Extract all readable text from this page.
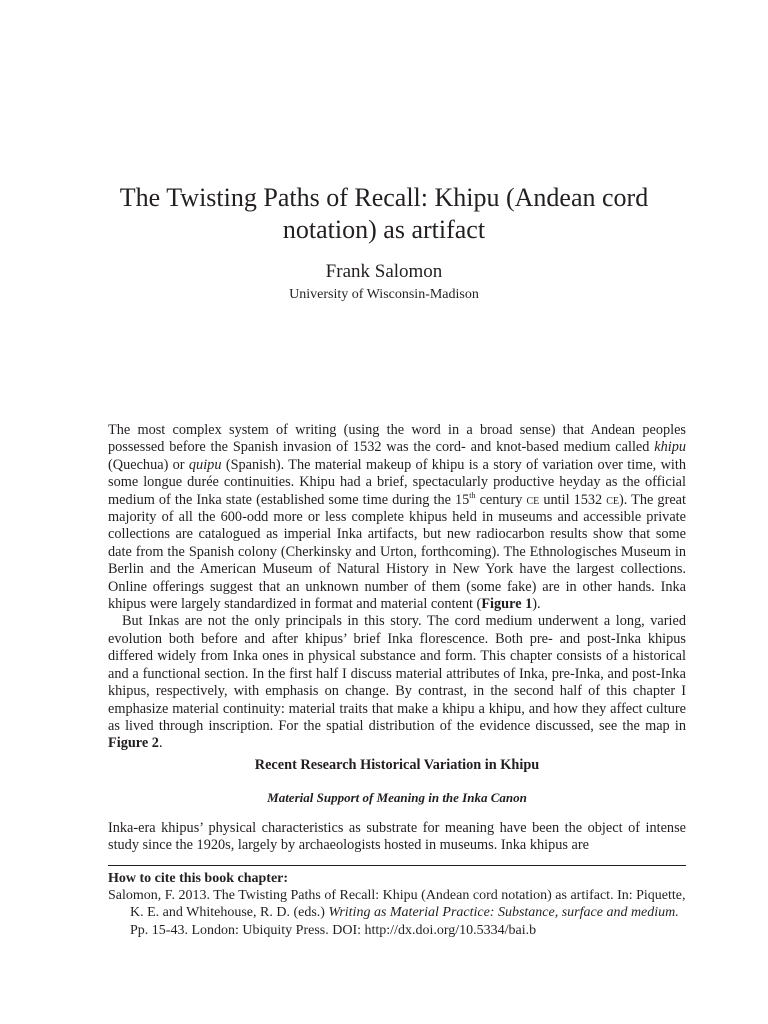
The Twisting Paths of Recall: Khipu (Andean cord notation) as artifact
Frank Salomon
University of Wisconsin-Madison

The most complex system of writing (using the word in a broad sense) that Andean peoples possessed before the Spanish invasion of 1532 was the cord- and knot-based medium called khipu (Quechua) or quipu (Spanish). The material makeup of khipu is a story of variation over time, with some longue durée continuities. Khipu had a brief, spectacularly productive heyday as the official medium of the Inka state (established some time during the 15th century ce until 1532 ce). The great majority of all the 600-odd more or less complete khipus held in museums and accessible private collections are catalogued as imperial Inka artifacts, but new radiocarbon results show that some date from the Spanish colony (Cherkinsky and Urton, forthcoming). The Ethnologisches Museum in Berlin and the American Museum of Natural History in New York have the largest collections. Online offerings suggest that an unknown number of them (some fake) are in other hands. Inka khipus were largely standardized in format and material content (Figure 1).

But Inkas are not the only principals in this story. The cord medium underwent a long, varied evolution both before and after khipus’ brief Inka florescence. Both pre- and post-Inka khipus differed widely from Inka ones in physical substance and form. This chapter consists of a historical and a functional section. In the first half I discuss material attributes of Inka, pre-Inka, and post-Inka khipus, respectively, with emphasis on change. By contrast, in the second half of this chapter I emphasize material continuity: material traits that make a khipu a khipu, and how they affect culture as lived through inscription. For the spatial distribution of the evidence discussed, see the map in Figure 2.

Recent Research Historical Variation in Khipu
Material Support of Meaning in the Inka Canon

Inka-era khipus’ physical characteristics as substrate for meaning have been the object of intense study since the 1920s, largely by archaeologists hosted in museums. Inka khipus are

How to cite this book chapter:

Salomon, F. 2013. The Twisting Paths of Recall: Khipu (Andean cord notation) as artifact. In: Piquette, K. E. and Whitehouse, R. D. (eds.) Writing as Material Practice: Substance, surface and medium. Pp. 15-43. London: Ubiquity Press. DOI: http://dx.doi.org/10.5334/bai.b
